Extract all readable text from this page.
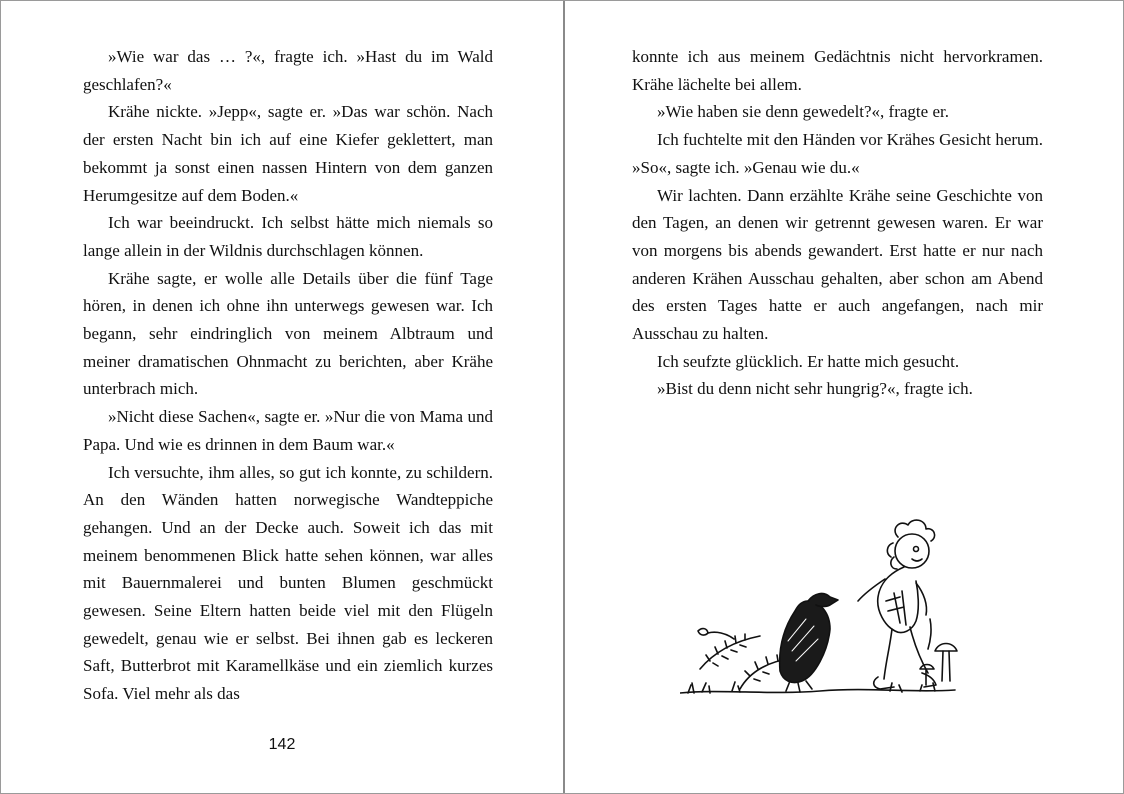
»Wie war das … ?«, fragte ich. »Hast du im Wald geschlafen?«

Krähe nickte. »Jepp«, sagte er. »Das war schön. Nach der ersten Nacht bin ich auf eine Kiefer geklettert, man bekommt ja sonst einen nassen Hintern von dem ganzen Herumgesitze auf dem Boden.«

Ich war beeindruckt. Ich selbst hätte mich niemals so lange allein in der Wildnis durchschlagen können.

Krähe sagte, er wolle alle Details über die fünf Tage hören, in denen ich ohne ihn unterwegs gewesen war. Ich begann, sehr eindringlich von meinem Albtraum und meiner dramatischen Ohnmacht zu berichten, aber Krähe unterbrach mich.

»Nicht diese Sachen«, sagte er. »Nur die von Mama und Papa. Und wie es drinnen in dem Baum war.«

Ich versuchte, ihm alles, so gut ich konnte, zu schildern. An den Wänden hatten norwegische Wandteppiche gehangen. Und an der Decke auch. Soweit ich das mit meinem benommenen Blick hatte sehen können, war alles mit Bauernmalerei und bunten Blumen geschmückt gewesen. Seine Eltern hatten beide viel mit den Flügeln gewedelt, genau wie er selbst. Bei ihnen gab es leckeren Saft, Butterbrot mit Karamellkäse und ein ziemlich kurzes Sofa. Viel mehr als das

142

konnte ich aus meinem Gedächtnis nicht hervorkramen. Krähe lächelte bei allem.

»Wie haben sie denn gewedelt?«, fragte er.

Ich fuchtelte mit den Händen vor Krähes Gesicht herum. »So«, sagte ich. »Genau wie du.«

Wir lachten. Dann erzählte Krähe seine Geschichte von den Tagen, an denen wir getrennt gewesen waren. Er war von morgens bis abends gewandert. Erst hatte er nur nach anderen Krähen Ausschau gehalten, aber schon am Abend des ersten Tages hatte er auch angefangen, nach mir Ausschau zu halten.

Ich seufzte glücklich. Er hatte mich gesucht.

»Bist du denn nicht sehr hungrig?«, fragte ich.
